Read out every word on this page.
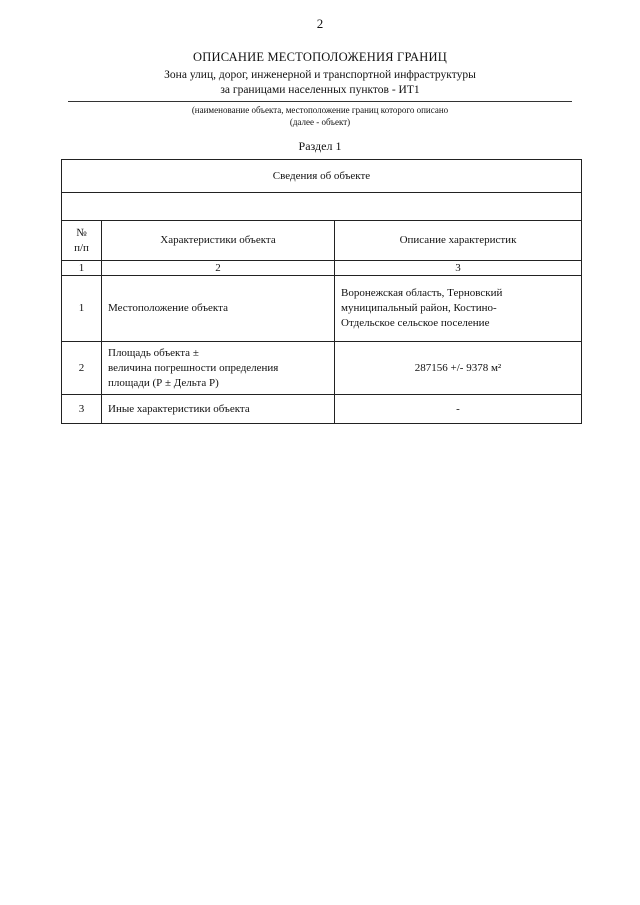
2
ОПИСАНИЕ МЕСТОПОЛОЖЕНИЯ ГРАНИЦ
Зона улиц, дорог, инженерной и транспортной инфраструктуры
за границами населенных пунктов - ИТ1
(наименование объекта, местоположение границ которого описано
(далее - объект)
Раздел 1
Сведения об объекте		

№
п/п	Характеристики объекта	Описание характеристик
1	2	3
1	Местоположение объекта	Воронежская область, Терновский
муниципальный район, Костино-
Отдельское сельское поселение

2	Площадь объекта ±
величина погрешности определения
площади (Р ± Дельта Р)	287156 +/- 9378 м²
3	Иные характеристики объекта	-
